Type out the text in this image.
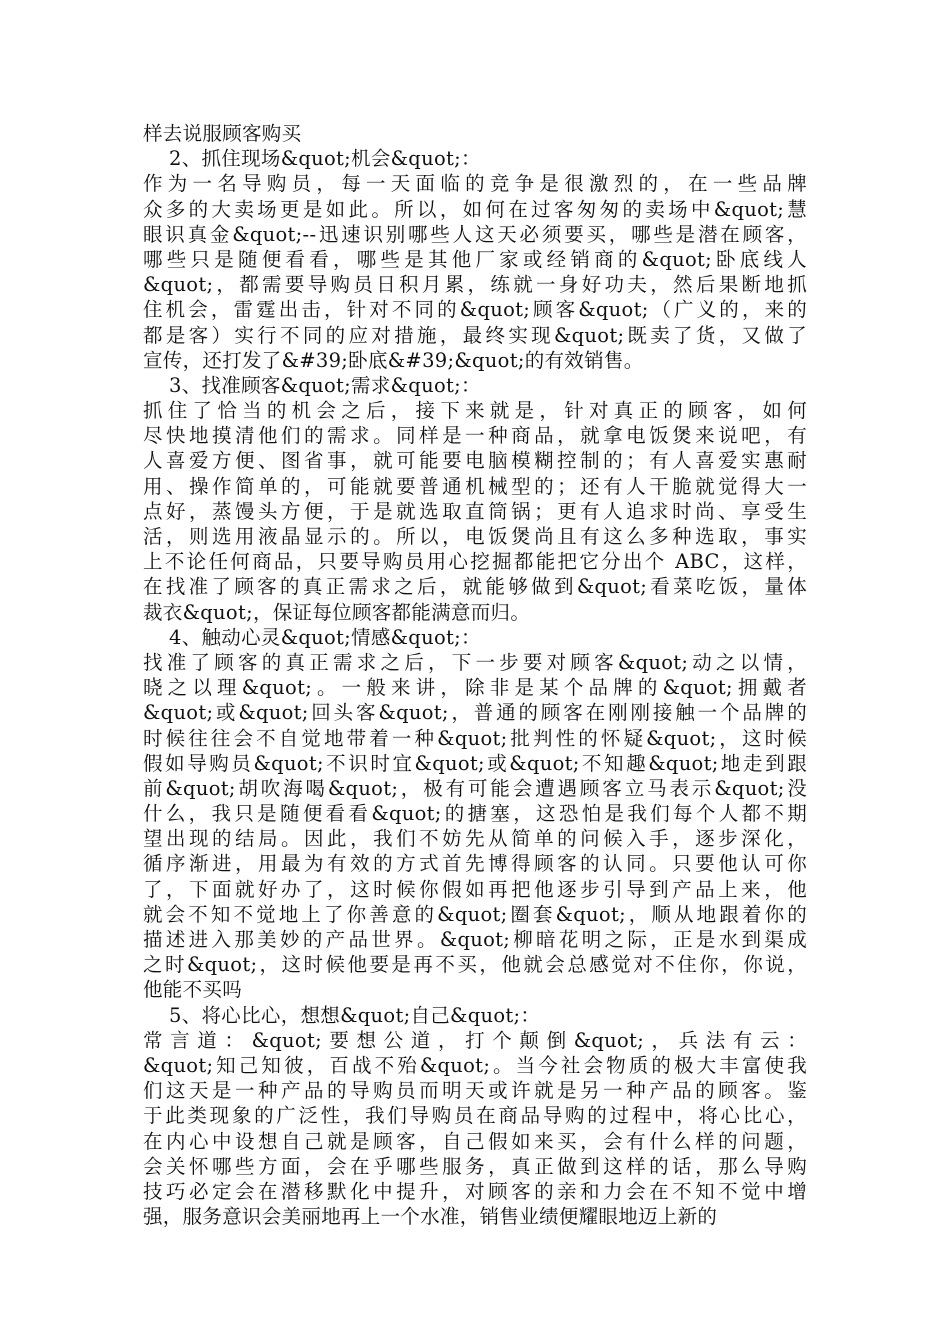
样去说服顾客购买
2、抓住现场&quot;机会&quot;：
作为一名导购员，每一天面临的竞争是很激烈的，在一些品牌
众多的大卖场更是如此。所以，如何在过客匆匆的卖场中&quot;慧
眼识真金&quot;--迅速识别哪些人这天必须要买，哪些是潜在顾客，
哪些只是随便看看，哪些是其他厂家或经销商的&quot;卧底线人
&quot;，都需要导购员日积月累，练就一身好功夫，然后果断地抓
住机会，雷霆出击，针对不同的&quot;顾客&quot;（广义的，来的
都是客）实行不同的应对措施，最终实现&quot;既卖了货，又做了
宣传，还打发了&#39;卧底&#39;&quot;的有效销售。
3、找准顾客&quot;需求&quot;：
抓住了恰当的机会之后，接下来就是，针对真正的顾客，如何
尽快地摸清他们的需求。同样是一种商品，就拿电饭煲来说吧，有
人喜爱方便、图省事，就可能要电脑模糊控制的；有人喜爱实惠耐
用、操作简单的，可能就要普通机械型的；还有人干脆就觉得大一
点好，蒸馒头方便，于是就选取直筒锅；更有人追求时尚、享受生
活，则选用液晶显示的。所以，电饭煲尚且有这么多种选取，事实
上不论任何商品，只要导购员用心挖掘都能把它分出个 ABC，这样，
在找准了顾客的真正需求之后，就能够做到&quot;看菜吃饭，量体
裁衣&quot;，保证每位顾客都能满意而归。
4、触动心灵&quot;情感&quot;：
找准了顾客的真正需求之后，下一步要对顾客&quot;动之以情，
晓之以理&quot;。一般来讲，除非是某个品牌的&quot;拥戴者
&quot;或&quot;回头客&quot;，普通的顾客在刚刚接触一个品牌的
时候往往会不自觉地带着一种&quot;批判性的怀疑&quot;，这时候
假如导购员&quot;不识时宜&quot;或&quot;不知趣&quot;地走到跟
前&quot;胡吹海喝&quot;，极有可能会遭遇顾客立马表示&quot;没
什么，我只是随便看看&quot;的搪塞，这恐怕是我们每个人都不期
望出现的结局。因此，我们不妨先从简单的问候入手，逐步深化，
循序渐进，用最为有效的方式首先博得顾客的认同。只要他认可你
了，下面就好办了，这时候你假如再把他逐步引导到产品上来，他
就会不知不觉地上了你善意的&quot;圈套&quot;，顺从地跟着你的
描述进入那美妙的产品世界。&quot;柳暗花明之际，正是水到渠成
之时&quot;，这时候他要是再不买，他就会总感觉对不住你，你说，
他能不买吗
5、将心比心，想想&quot;自己&quot;：
常言道：&quot;要想公道，打个颠倒&quot;，兵法有云：
&quot;知己知彼，百战不殆&quot;。当今社会物质的极大丰富使我
们这天是一种产品的导购员而明天或许就是另一种产品的顾客。鉴
于此类现象的广泛性，我们导购员在商品导购的过程中，将心比心，
在内心中设想自己就是顾客，自己假如来买，会有什么样的问题，
会关怀哪些方面，会在乎哪些服务，真正做到这样的话，那么导购
技巧必定会在潜移默化中提升，对顾客的亲和力会在不知不觉中增
强，服务意识会美丽地再上一个水准，销售业绩便耀眼地迈上新的
